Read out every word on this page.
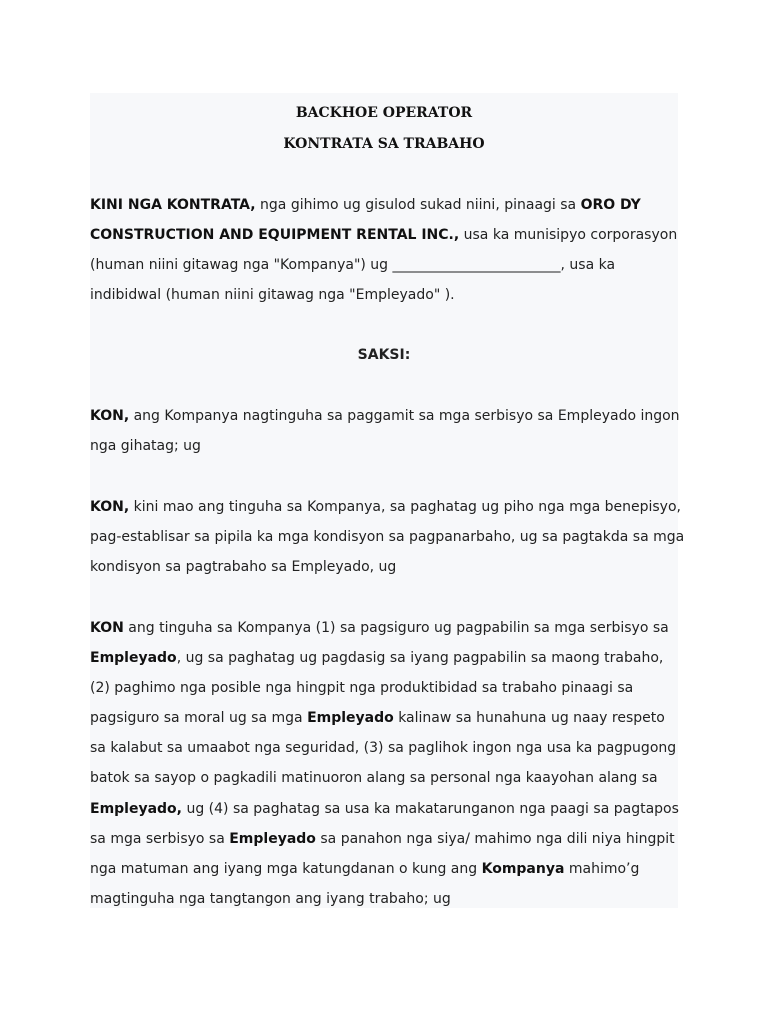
BACKHOE OPERATOR

KONTRATA SA TRABAHO

KINI NGA KONTRATA, nga gihimo ug gisulod sukad niini, pinaagi sa ORO DY
CONSTRUCTION AND EQUIPMENT RENTAL INC., usa ka munisipyo corporasyon
(human niini gitawag nga "Kompanya") ug ________________________, usa ka
indibidwal (human niini gitawag nga "Empleyado" ).
SAKSI:
KON, ang Kompanya nagtinguha sa paggamit sa mga serbisyo sa Empleyado ingon
nga gihatag; ug
KON, kini mao ang tinguha sa Kompanya, sa paghatag ug piho nga mga benepisyo,
pag-establisar sa pipila ka mga kondisyon sa pagpanarbaho, ug sa pagtakda sa mga
kondisyon sa pagtrabaho sa Empleyado, ug
KON ang tinguha sa Kompanya (1) sa pagsiguro ug pagpabilin sa mga serbisyo sa
Empleyado, ug sa paghatag ug pagdasig sa iyang pagpabilin sa maong trabaho,
(2) paghimo nga posible nga hingpit nga produktibidad sa trabaho pinaagi sa
pagsiguro sa moral ug sa mga Empleyado kalinaw sa hunahuna ug naay respeto
sa kalabut sa umaabot nga seguridad, (3) sa paglihok ingon nga usa ka pagpugong
batok sa sayop o pagkadili matinuoron alang sa personal nga kaayohan alang sa
Empleyado, ug (4) sa paghatag sa usa ka makatarunganon nga paagi sa pagtapos
sa mga serbisyo sa Empleyado sa panahon nga siya/ mahimo nga dili niya hingpit
nga matuman ang iyang mga katungdanan o kung ang Kompanya mahimo’g
magtinguha nga tangtangon ang iyang trabaho; ug
